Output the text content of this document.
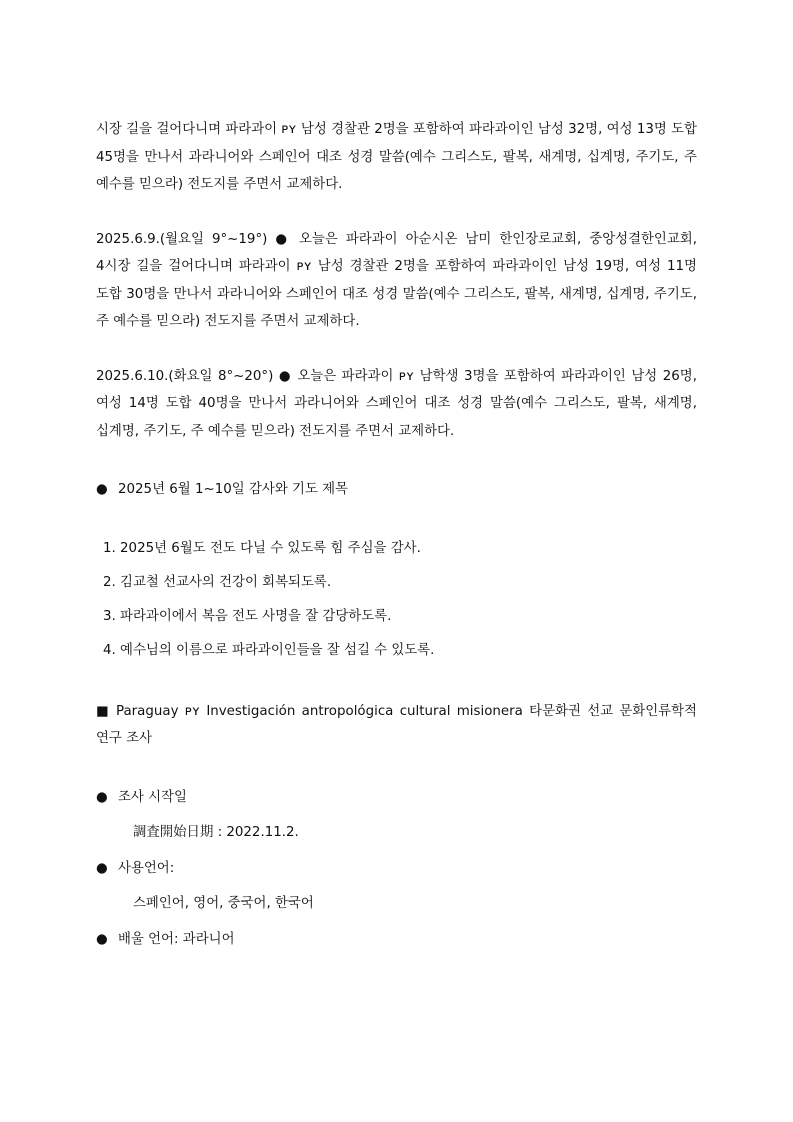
시장 길을 걸어다니며 파라과이 ᴘʏ 남성 경찰관 2명을 포함하여 파라과이인 남성 32명, 여성 13명 도합 45명을 만나서 과라니어와 스페인어 대조 성경 말씀(예수 그리스도, 팔복, 새계명, 십계명, 주기도, 주 예수를 믿으라) 전도지를 주면서 교제하다.

2025.6.9.(월요일 9°~19°) ● 오늘은 파라과이 아순시온 남미 한인장로교회, 중앙성결한인교회, 4시장 길을 걸어다니며 파라과이 ᴘʏ 남성 경찰관 2명을 포함하여 파라과이인 남성 19명, 여성 11명 도합 30명을 만나서 과라니어와 스페인어 대조 성경 말씀(예수 그리스도, 팔복, 새계명, 십계명, 주기도, 주 예수를 믿으라) 전도지를 주면서 교제하다.

2025.6.10.(화요일 8°~20°) ● 오늘은 파라과이 ᴘʏ 남학생 3명을 포함하여 파라과이인 남성 26명, 여성 14명 도합 40명을 만나서 과라니어와 스페인어 대조 성경 말씀(예수 그리스도, 팔복, 새계명, 십계명, 주기도, 주 예수를 믿으라) 전도지를 주면서 교제하다.

● 2025년 6월 1~10일 감사와 기도 제목

1. 2025년 6월도 전도 다닐 수 있도록 힘 주심을 감사.
2. 김교철 선교사의 건강이 회복되도록.
3. 파라과이에서 복음 전도 사명을 잘 감당하도록.
4. 예수님의 이름으로 파라과이인들을 잘 섬길 수 있도록.

■ Paraguay ᴘʏ Investigación antropológica cultural misionera 타문화권 선교 문화인류학적 연구 조사

● 조사 시작일

調査開始日期 : 2022.11.2.

● 사용언어:

스페인어, 영어, 중국어, 한국어

● 배울 언어: 과라니어
